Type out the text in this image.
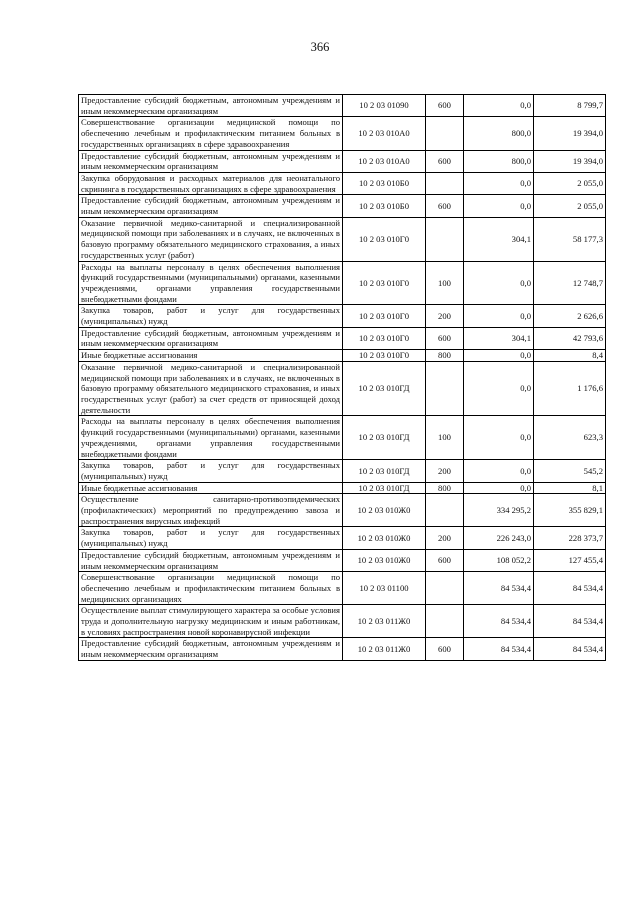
366
Предоставление субсидий бюджетным, автономным учреждениям и иным некоммерческим организациям	10 2 03 01090	600	0,0	8 799,7
Совершенствование организации медицинской помощи по обеспечению лечебным и профилактическим питанием больных в государственных организациях в сфере здравоохранения	10 2 03 010А0		800,0	19 394,0
Предоставление субсидий бюджетным, автономным учреждениям и иным некоммерческим организациям	10 2 03 010А0	600	800,0	19 394,0
Закупка оборудования и расходных материалов для неонатального скрининга в государственных организациях в сфере здравоохранения	10 2 03 010Б0		0,0	2 055,0
Предоставление субсидий бюджетным, автономным учреждениям и иным некоммерческим организациям	10 2 03 010Б0	600	0,0	2 055,0
Оказание первичной медико-санитарной и специализированной медицинской помощи при заболеваниях и в случаях, не включенных в базовую программу обязательного медицинского страхования, а иных государственных услуг (работ)	10 2 03 010Г0		304,1	58 177,3
Расходы на выплаты персоналу в целях обеспечения выполнения функций государственными (муниципальными) органами, казенными учреждениями, органами управления государственными внебюджетными фондами	10 2 03 010Г0	100	0,0	12 748,7
Закупка товаров, работ и услуг для государственных (муниципальных) нужд	10 2 03 010Г0	200	0,0	2 626,6
Предоставление субсидий бюджетным, автономным учреждениям и иным некоммерческим организациям	10 2 03 010Г0	600	304,1	42 793,6
Иные бюджетные ассигнования	10 2 03 010Г0	800	0,0	8,4
Оказание первичной медико-санитарной и специализированной медицинской помощи при заболеваниях и в случаях, не включенных в базовую программу обязательного медицинского страхования, и иных государственных услуг (работ) за счет средств от приносящей доход деятельности	10 2 03 010ГД		0,0	1 176,6
Расходы на выплаты персоналу в целях обеспечения выполнения функций государственными (муниципальными) органами, казенными учреждениями, органами управления государственными внебюджетными фондами	10 2 03 010ГД	100	0,0	623,3
Закупка товаров, работ и услуг для государственных (муниципальных) нужд	10 2 03 010ГД	200	0,0	545,2
Иные бюджетные ассигнования	10 2 03 010ГД	800	0,0	8,1
Осуществление санитарно-противоэпидемических (профилактических) мероприятий по предупреждению завоза и распространения вирусных инфекций	10 2 03 010Ж0		334 295,2	355 829,1
Закупка товаров, работ и услуг для государственных (муниципальных) нужд	10 2 03 010Ж0	200	226 243,0	228 373,7
Предоставление субсидий бюджетным, автономным учреждениям и иным некоммерческим организациям	10 2 03 010Ж0	600	108 052,2	127 455,4
Совершенствование организации медицинской помощи по обеспечению лечебным и профилактическим питанием больных в медицинских организациях	10 2 03 01100		84 534,4	84 534,4
Осуществление выплат стимулирующего характера за особые условия труда и дополнительную нагрузку медицинским и иным работникам, в условиях распространения новой коронавирусной инфекции	10 2 03 011Ж0		84 534,4	84 534,4
Предоставление субсидий бюджетным, автономным учреждениям и иным некоммерческим организациям	10 2 03 011Ж0	600	84 534,4	84 534,4
